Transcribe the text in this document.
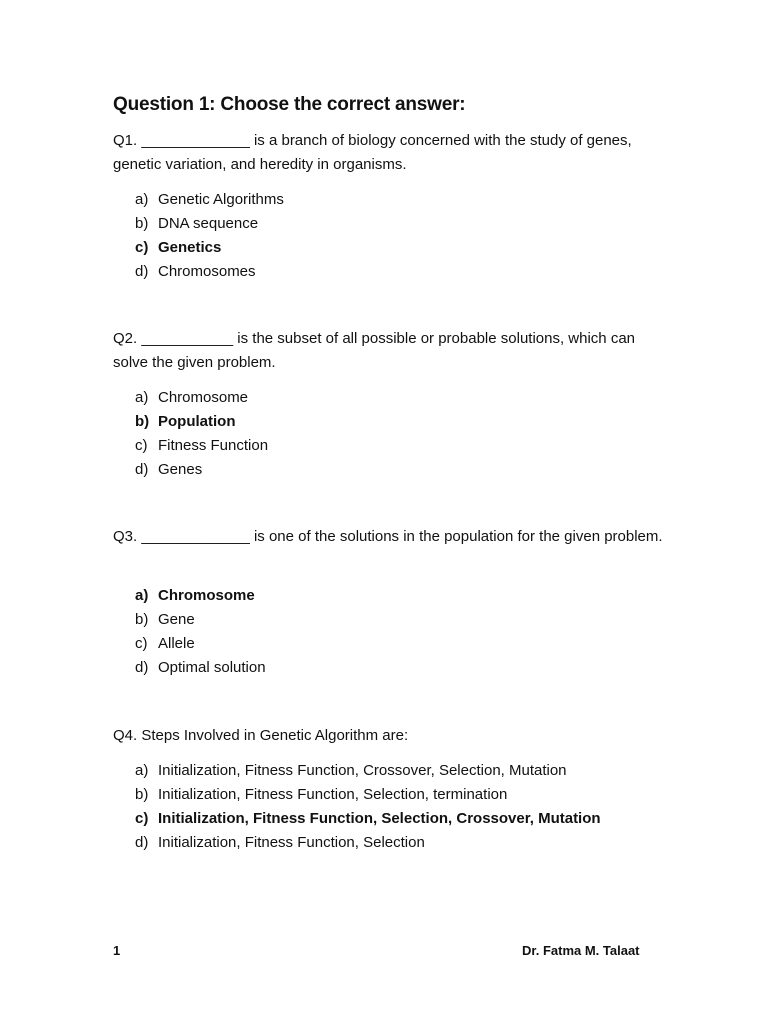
Question 1: Choose the correct answer:
Q1. _____________ is a branch of biology concerned with the study of genes, genetic variation, and heredity in organisms.
a) Genetic Algorithms
b) DNA sequence
c) Genetics
d) Chromosomes
Q2. ___________ is the subset of all possible or probable solutions, which can solve the given problem.
a) Chromosome
b) Population
c) Fitness Function
d) Genes
Q3. _____________ is one of the solutions in the population for the given problem.
a) Chromosome
b) Gene
c) Allele
d) Optimal solution
Q4. Steps Involved in Genetic Algorithm are:
a) Initialization, Fitness Function, Crossover, Selection, Mutation
b) Initialization, Fitness Function, Selection, termination
c) Initialization, Fitness Function, Selection, Crossover, Mutation
d) Initialization, Fitness Function, Selection
1	Dr. Fatma M. Talaat
